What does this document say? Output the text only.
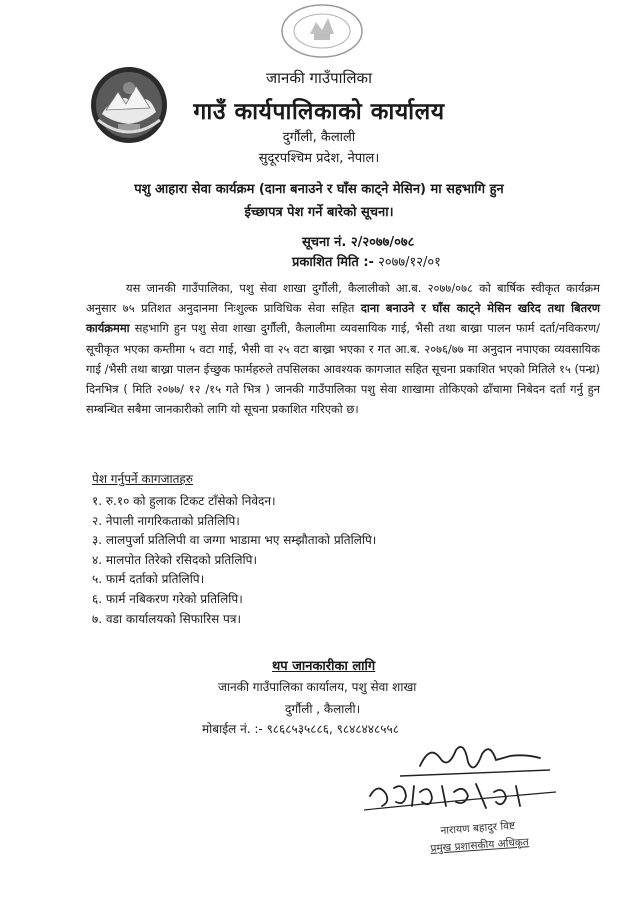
जानकी गाउँपालिका
गाउँ कार्यपालिकाको कार्यालय
दुर्गौली, कैलाली
सुदूरपश्चिम प्रदेश, नेपाल।
पशु आहारा सेवा कार्यक्रम (दाना बनाउने र घाँस काट्ने मेसिन) मा सहभागि हुन
ईच्छापत्र पेश गर्ने बारेको सूचना।
सूचना नं. २/२०७७/०७८
प्रकाशित मिति :- २०७७/१२/०१
यस जानकी गाउँपालिका, पशु सेवा शाखा दुर्गौली, कैलालीको आ.ब. २०७७/०७८ को बार्षिक स्वीकृत कार्यक्रम अनुसार ७५ प्रतिशत अनुदानमा निःशुल्क प्राविधिक सेवा सहित दाना बनाउने र घाँस काट्ने मेसिन खरिद तथा बितरण कार्यक्रममा सहभागि हुन पशु सेवा शाखा दुर्गौली, कैलालीमा व्यवसायिक गाई, भैसी तथा बाख्रा पालन फार्म दर्ता/नविकरण/सूचीकृत भएका कम्तीमा ५ वटा गाई, भैसी वा २५ वटा बाख्रा भएका र गत आ.ब. २०७६/७७ मा अनुदान नपाएका व्यवसायिक गाई /भैसी तथा बाख्रा पालन ईच्छुक फार्महरुले तपसिलका आवश्यक कागजात सहित सूचना प्रकाशित भएको मितिले १५ (पन्ध्र) दिनभित्र ( मिति २०७७/ १२ /१५ गते भित्र ) जानकी गाउँपालिका पशु सेवा शाखामा तोकिएको ढाँचामा निबेदन दर्ता गर्नु हुन सम्बन्धित सबैमा जानकारीको लागि यो सूचना प्रकाशित गरिएको छ।
पेश गर्नुपर्ने कागजातहरु
१. रु.१० को हुलाक टिकट टाँसेको निवेदन।
२. नेपाली नागरिकताको प्रतिलिपि।
३. लालपुर्जा प्रतिलिपी वा जग्गा भाडामा भए सम्झौताको प्रतिलिपि।
४. मालपोत तिरेको रसिदको प्रतिलिपि।
५. फार्म दर्ताको प्रतिलिपि।
६. फार्म नबिकरण गरेको प्रतिलिपि।
७. वडा कार्यालयको सिफारिस पत्र।
थप जानकारीका लागि
जानकी गाउँपालिका कार्यालय, पशु सेवा शाखा
दुर्गौली , कैलाली।
मोबाईल नं. :- ९८६८५३५८८६, ९८४८४४८५५८
नारायण बहादुर विष्ट
प्रमुख प्रशासकीय अधिकृत
